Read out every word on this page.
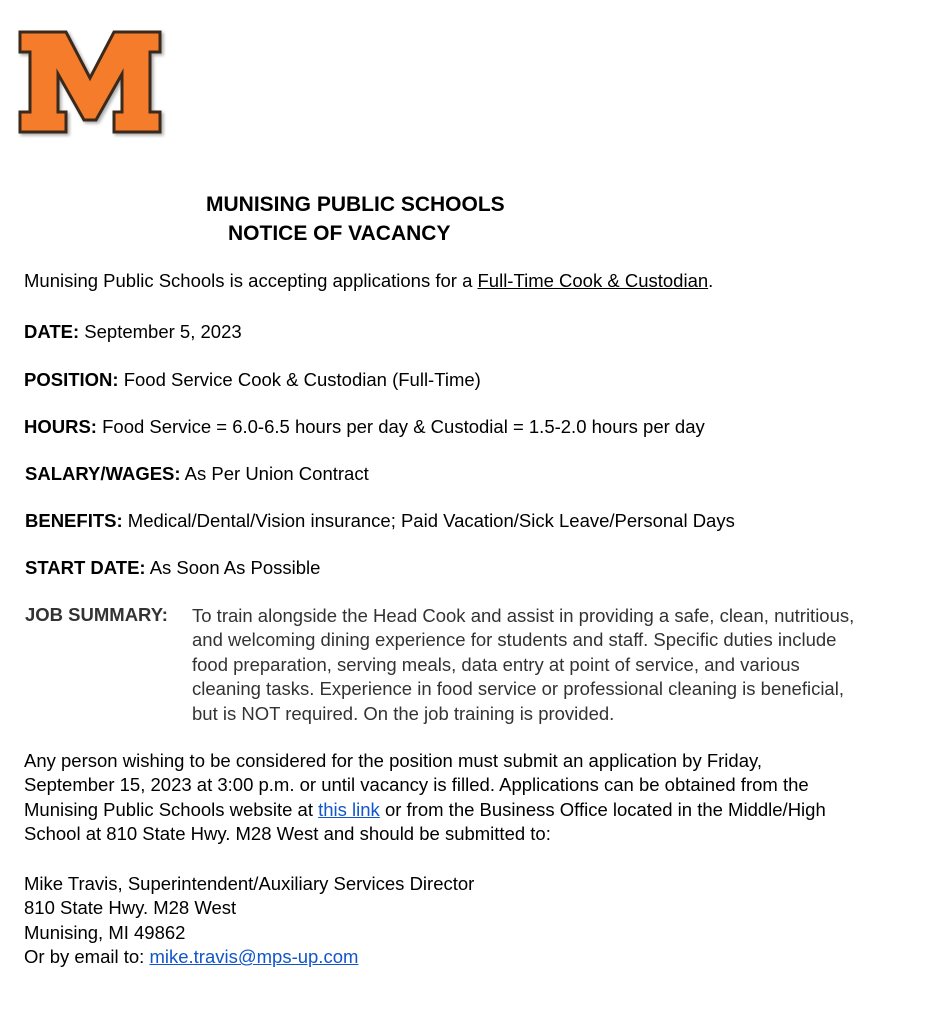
MUNISING PUBLIC SCHOOLS
NOTICE OF VACANCY
Munising Public Schools is accepting applications for a Full-Time Cook & Custodian.
DATE: September 5, 2023
POSITION: Food Service Cook & Custodian (Full-Time)
HOURS: Food Service = 6.0-6.5 hours per day & Custodial = 1.5-2.0 hours per day
SALARY/WAGES: As Per Union Contract
BENEFITS: Medical/Dental/Vision insurance; Paid Vacation/Sick Leave/Personal Days
START DATE: As Soon As Possible
JOB SUMMARY: To train alongside the Head Cook and assist in providing a safe, clean, nutritious,
and welcoming dining experience for students and staff. Specific duties include
food preparation, serving meals, data entry at point of service, and various
cleaning tasks. Experience in food service or professional cleaning is beneficial,
but is NOT required. On the job training is provided.
Any person wishing to be considered for the position must submit an application by Friday,
September 15, 2023 at 3:00 p.m. or until vacancy is filled. Applications can be obtained from the
Munising Public Schools website at this link or from the Business Office located in the Middle/High
School at 810 State Hwy. M28 West and should be submitted to:
Mike Travis, Superintendent/Auxiliary Services Director
810 State Hwy. M28 West
Munising, MI 49862
Or by email to: mike.travis@mps-up.com
